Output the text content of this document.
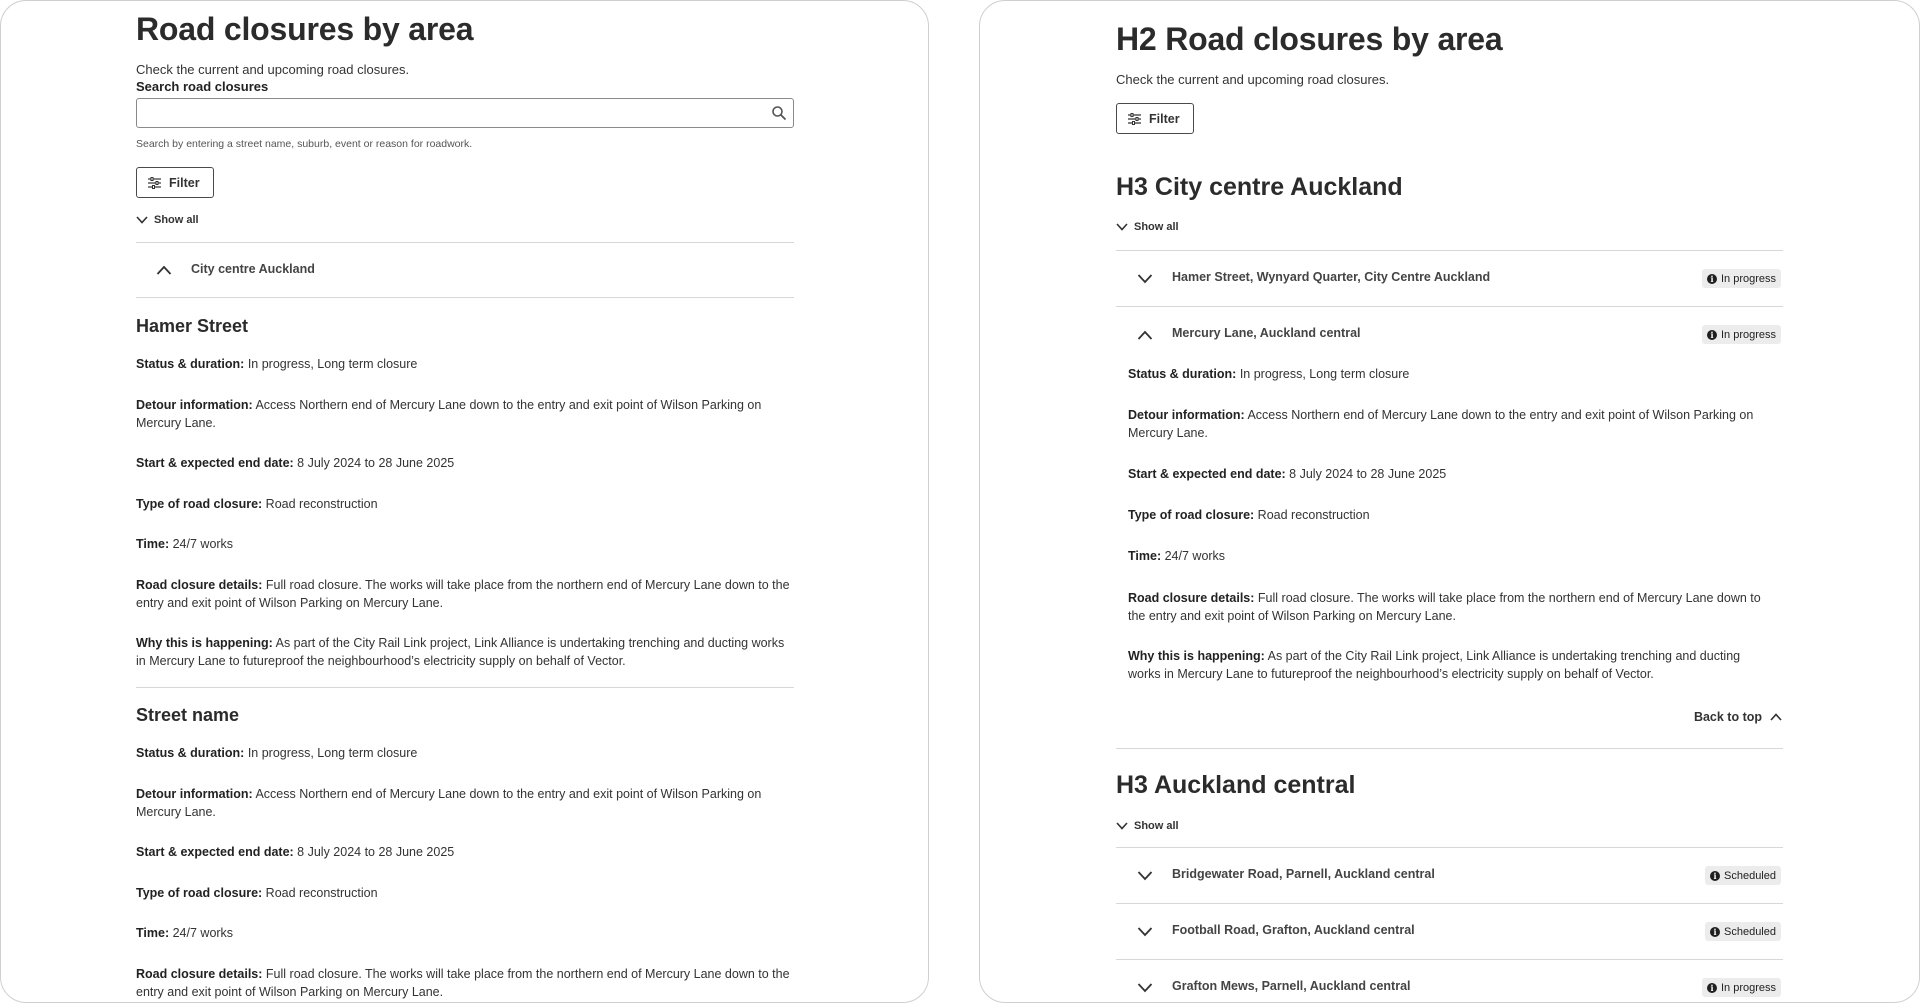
Road closures by area
Check the current and upcoming road closures.
Search road closures
Search by entering a street name, suburb, event or reason for roadwork.
Filter
Show all
City centre Auckland
Hamer Street
Status & duration: In progress, Long term closure
Detour information: Access Northern end of Mercury Lane down to the entry and exit point of Wilson Parking on Mercury Lane.
Start & expected end date: 8 July 2024 to 28 June 2025
Type of road closure: Road reconstruction
Time: 24/7 works
Road closure details: Full road closure. The works will take place from the northern end of Mercury Lane down to the entry and exit point of Wilson Parking on Mercury Lane.
Why this is happening: As part of the City Rail Link project, Link Alliance is undertaking trenching and ducting works in Mercury Lane to futureproof the neighbourhood’s electricity supply on behalf of Vector.
Street name
Status & duration: In progress, Long term closure
Detour information: Access Northern end of Mercury Lane down to the entry and exit point of Wilson Parking on Mercury Lane.
Start & expected end date: 8 July 2024 to 28 June 2025
Type of road closure: Road reconstruction
Time: 24/7 works
Road closure details: Full road closure. The works will take place from the northern end of Mercury Lane down to the entry and exit point of Wilson Parking on Mercury Lane.
H2 Road closures by area
Check the current and upcoming road closures.
Filter
H3 City centre Auckland
Show all
Hamer Street, Wynyard Quarter, City Centre Auckland	i In progress
Mercury Lane, Auckland central	i In progress
Status & duration: In progress, Long term closure
Detour information: Access Northern end of Mercury Lane down to the entry and exit point of Wilson Parking on Mercury Lane.
Start & expected end date: 8 July 2024 to 28 June 2025
Type of road closure: Road reconstruction
Time: 24/7 works
Road closure details: Full road closure. The works will take place from the northern end of Mercury Lane down to the entry and exit point of Wilson Parking on Mercury Lane.
Why this is happening: As part of the City Rail Link project, Link Alliance is undertaking trenching and ducting works in Mercury Lane to futureproof the neighbourhood’s electricity supply on behalf of Vector.
Back to top
H3 Auckland central
Show all
Bridgewater Road, Parnell, Auckland central	i Scheduled
Football Road, Grafton, Auckland central	i Scheduled
Grafton Mews, Parnell, Auckland central	i In progress
